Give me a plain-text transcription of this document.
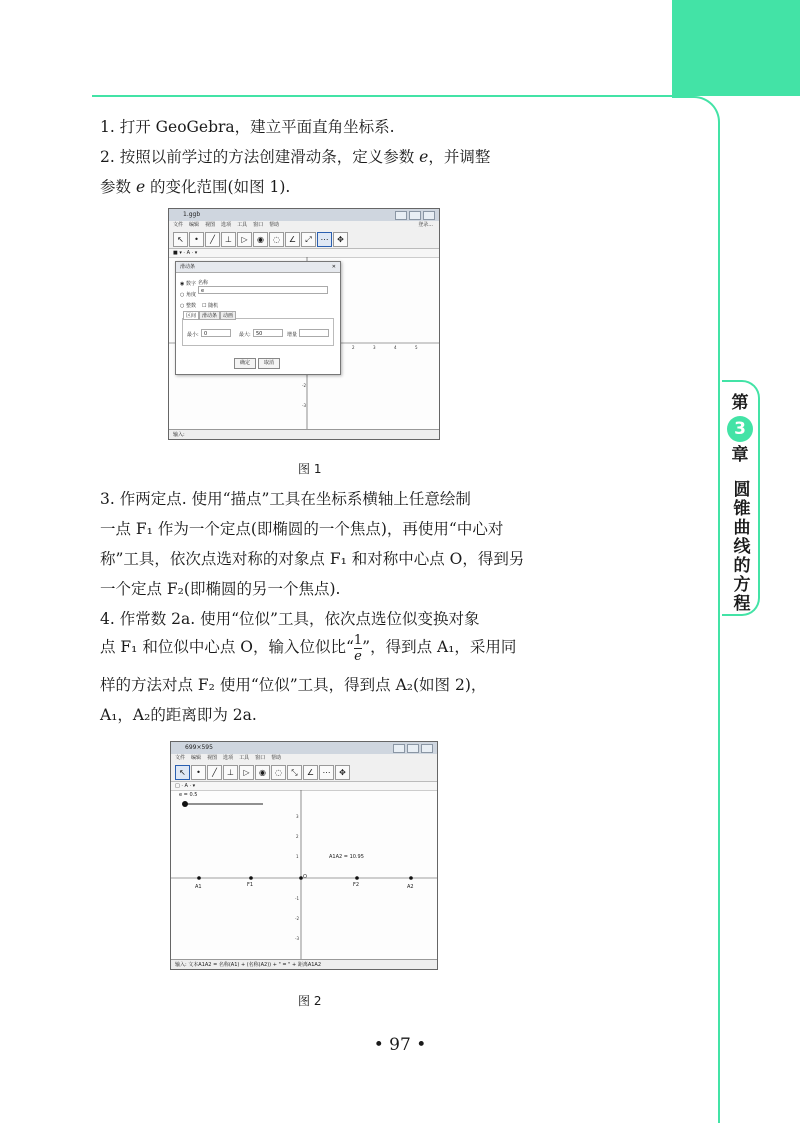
第
3
章
圆锥曲线的方程
1. 打开 GeoGebra，建立平面直角坐标系.
2. 按照以前学过的方法创建滑动条，定义参数 e，并调整
参数 e 的变化范围(如图 1).
1.ggb
文件 编辑 视图 选项 工具 窗口 帮助	登录...
↖	•	╱	⊥	▷	◉	◌	∠	⤢	⋯	✥
■ ▾ · A · ▾
2	3	4	5
-2
-3
滑动条	✕
◉ 数字
○ 角度
○ 整数
名称
e
☐ 随机
区间	滑动条	动画
最小:	0	最大:	50	增量
确定	取消
输入:
图 1
3. 作两定点. 使用“描点”工具在坐标系横轴上任意绘制
一点 F₁ 作为一个定点(即椭圆的一个焦点)，再使用“中心对
称”工具，依次点选对称的对象点 F₁ 和对称中心点 O，得到另
一个定点 F₂(即椭圆的另一个焦点).
4. 作常数 2a. 使用“位似”工具，依次点选位似变换对象
点 F₁ 和位似中心点 O，输入位似比“ $\frac{1}{e}$ ”，得到点 A₁，采用同
样的方法对点 F₂ 使用“位似”工具，得到点 A₂(如图 2)，
A₁，A₂的距离即为 2a.
699×595
文件 编辑 视图 选项 工具 窗口 帮助
↖	•	╱	⊥	▷	◉	◌	⤡	∠	⋯	✥
□ · A · ▾
3
2
1
-1
-2
-3
e = 0.5
A1A2 = 10.95
A1	F1
O
F2	A2
输入: 文本A1A2 = 名称(A1) + (名称(A2)) + " = " + 距离A1A2
图 2
• 97 •
